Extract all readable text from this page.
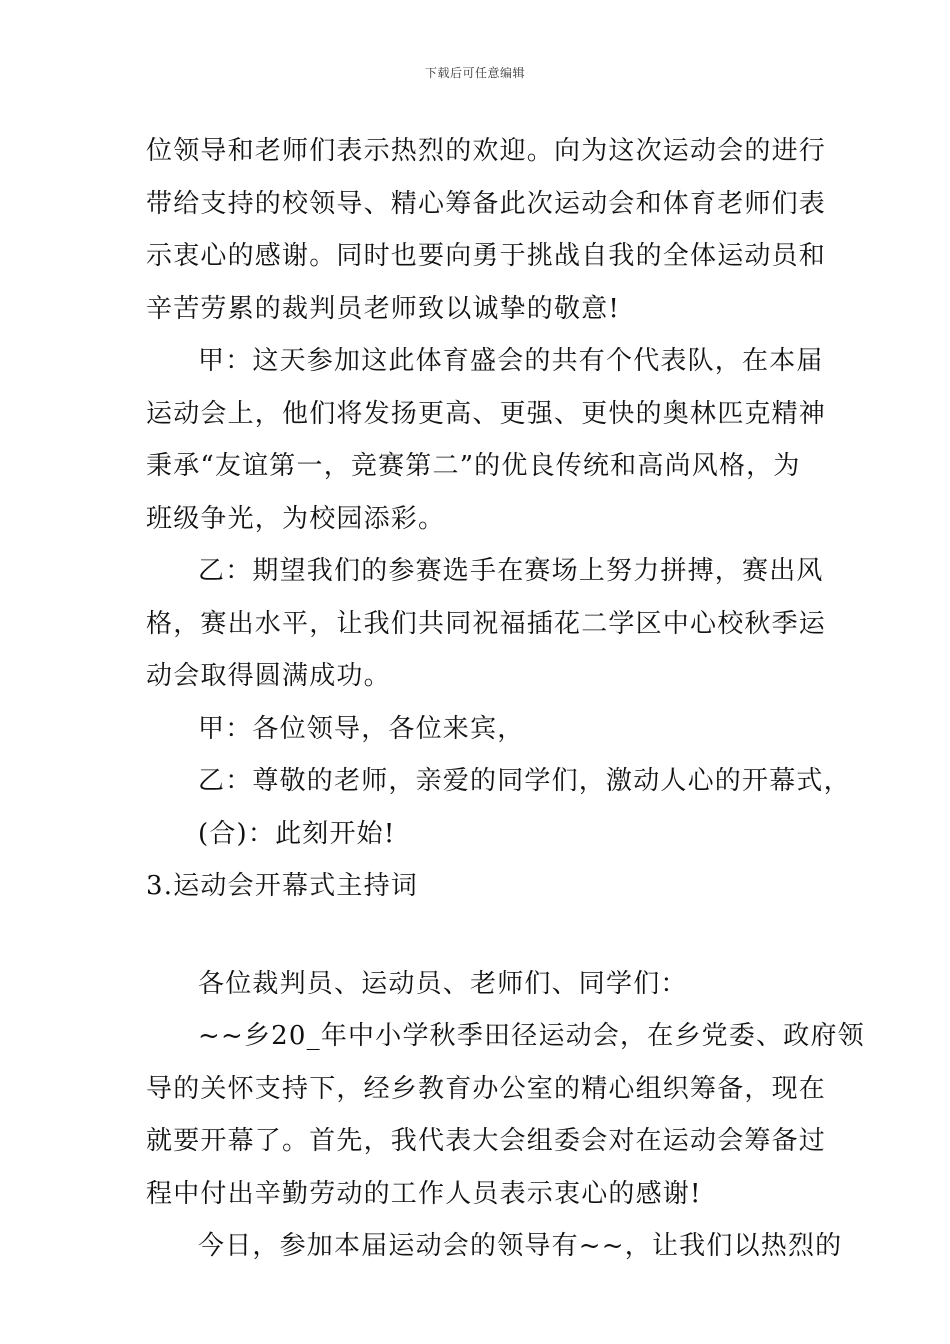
下载后可任意编辑
位领导和老师们表示热烈的欢迎。向为这次运动会的进行
带给支持的校领导、精心筹备此次运动会和体育老师们表
示衷心的感谢。同时也要向勇于挑战自我的全体运动员和
辛苦劳累的裁判员老师致以诚挚的敬意!
甲：这天参加这此体育盛会的共有个代表队，在本届
运动会上，他们将发扬更高、更强、更快的奥林匹克精神
秉承“友谊第一，竞赛第二”的优良传统和高尚风格，为
班级争光，为校园添彩。
乙：期望我们的参赛选手在赛场上努力拼搏，赛出风
格，赛出水平，让我们共同祝福插花二学区中心校秋季运
动会取得圆满成功。
甲：各位领导，各位来宾，
乙：尊敬的老师，亲爱的同学们，激动人心的开幕式，
(合)：此刻开始!
3.运动会开幕式主持词
各位裁判员、运动员、老师们、同学们：
~~乡20_年中小学秋季田径运动会，在乡党委、政府领
导的关怀支持下，经乡教育办公室的精心组织筹备，现在
就要开幕了。首先，我代表大会组委会对在运动会筹备过
程中付出辛勤劳动的工作人员表示衷心的感谢!
今日，参加本届运动会的领导有~~，让我们以热烈的
